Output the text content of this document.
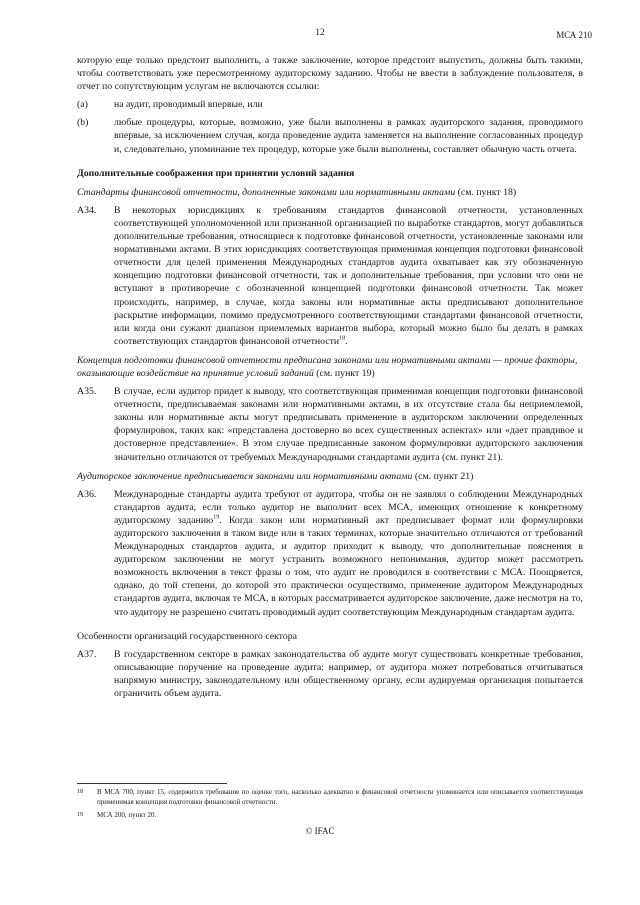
12	МСА 210

которую еще только предстоит выполнить, а также заключение, которое предстоит выпустить, должны быть такими, чтобы соответствовать уже пересмотренному аудиторскому заданию. Чтобы не ввести в заблуждение пользователя, в отчет по сопутствующим услугам не включаются ссылки:

(a)	на аудит, проводимый впервые, или
(b)	любые процедуры, которые, возможно, уже были выполнены в рамках аудиторского задания, проводимого впервые, за исключением случая, когда проведение аудита заменяется на выполнение согласованных процедур и, следовательно, упоминание тех процедур, которые уже были выполнены, составляет обычную часть отчета.

Дополнительные соображения при принятии условий задания

Стандарты финансовой отчетности, дополненные законами или нормативными актами (см. пункт 18)

A34.	В некоторых юрисдикциях к требованиям стандартов финансовой отчетности, установленных соответствующей уполномоченной или признанной организацией по выработке стандартов, могут добавляться дополнительные требования, относящиеся к подготовке финансовой отчетности, установленные законами или нормативными актами. В этих юрисдикциях соответствующая применимая концепция подготовки финансовой отчетности для целей применения Международных стандартов аудита охватывает как эту обозначенную концепцию подготовки финансовой отчетности, так и дополнительные требования, при условии что они не вступают в противоречие с обозначенной концепцией подготовки финансовой отчетности. Так может происходить, например, в случае, когда законы или нормативные акты предписывают дополнительное раскрытие информации, помимо предусмотренного соответствующими стандартами финансовой отчетности, или когда они сужают диапазон приемлемых вариантов выбора, который можно было бы делать в рамках соответствующих стандартов финансовой отчетности$^{18}$.

Концепция подготовки финансовой отчетности предписана законами или нормативными актами — прочие факторы, оказывающие воздействие на принятие условий заданий (см. пункт 19)

A35.	В случае, если аудитор придет к выводу, что соответствующая применимая концепция подготовки финансовой отчетности, предписываемая законами или нормативными актами, в их отсутствие стала бы неприемлемой, законы или нормативные акты могут предписывать применение в аудиторском заключении определенных формулировок, таких как: «представлена достоверно во всех существенных аспектах» или «дает правдивое и достоверное представление». В этом случае предписанные законом формулировки аудиторского заключения значительно отличаются от требуемых Международными стандартами аудита (см. пункт 21).

Аудиторское заключение предписывается законами или нормативными актами (см. пункт 21)

A36.	Международные стандарты аудита требуют от аудитора, чтобы он не заявлял о соблюдении Международных стандартов аудита, если только аудитор не выполнит всех МСА, имеющих отношение к конкретному аудиторскому заданию$^{19}$. Когда закон или нормативный акт предписывает формат или формулировки аудиторского заключения в таком виде или в таких терминах, которые значительно отличаются от требований Международных стандартов аудита, и аудитор приходит к выводу, что дополнительные пояснения в аудиторском заключении не могут устранить возможного непонимания, аудитор может рассмотреть возможность включения в текст фразы о том, что аудит не проводился в соответствии с МСА. Поощряется, однако, до той степени, до которой это практически осуществимо, применение аудитором Международных стандартов аудита, включая те МСА, в которых рассматривается аудиторское заключение, даже несмотря на то, что аудитору не разрешено считать проводимый аудит соответствующим Международным стандартам аудита.

Особенности организаций государственного сектора

A37.	В государственном секторе в рамках законодательства об аудите могут существовать конкретные требования, описывающие поручение на проведение аудита: например, от аудитора может потребоваться отчитываться напрямую министру, законодательному или общественному органу, если аудируемая организация попытается ограничить объем аудита.
18	В МСА 700, пункт 15, содержится требование по оценке того, насколько адекватно в финансовой отчетности упоминается или описывается соответствующая применимая концепция подготовки финансовой отчетности.
19	МСА 200, пункт 20.
© IFAC
